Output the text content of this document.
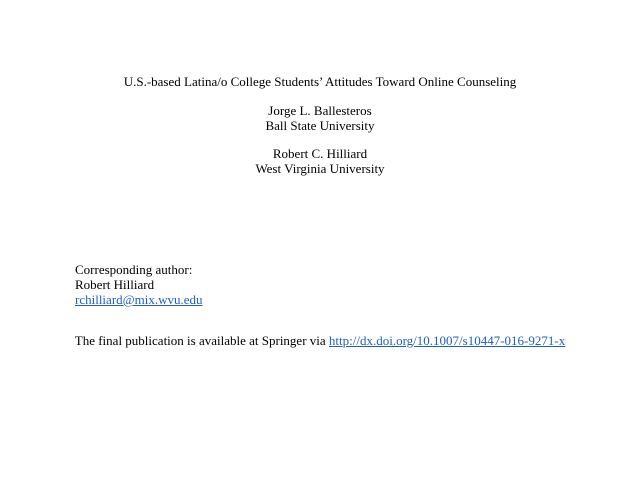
U.S.-based Latina/o College Students’ Attitudes Toward Online Counseling
Jorge L. Ballesteros
Ball State University
Robert C. Hilliard
West Virginia University
Corresponding author:
Robert Hilliard
rchilliard@mix.wvu.edu
The final publication is available at Springer via http://dx.doi.org/10.1007/s10447-016-9271-x
